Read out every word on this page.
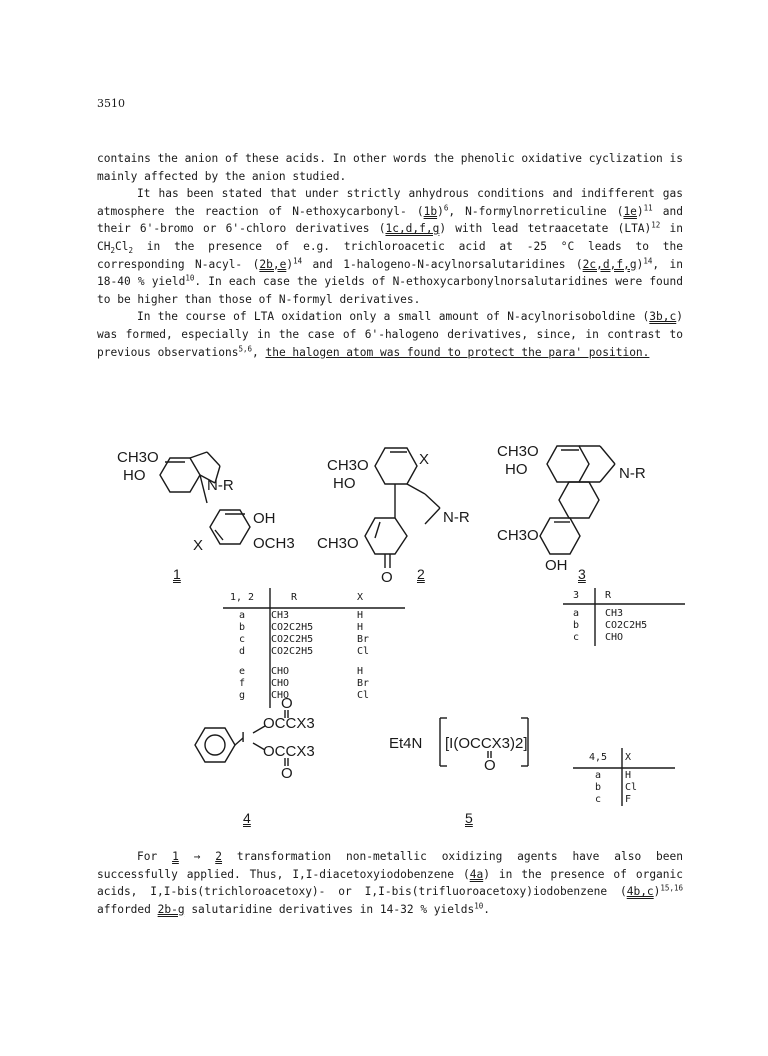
3510

contains the anion of these acids. In other words the phenolic oxidative cyclization is mainly affected by the anion studied.

It has been stated that under strictly anhydrous conditions and indifferent gas atmosphere the reaction of N-ethoxycarbonyl- $(1b)^6$, N-formylnorreticuline $(1e)^{11}$ and their 6'-bromo or 6'-chloro derivatives (1c,d,f,g) with lead tetraacetate (LTA)$^{12}$ in $CH_2Cl_2$ in the presence of e.g. trichloroacetic acid at -25 °C leads to the corresponding N-acyl- $(2b,e)^{14}$ and 1-halogeno-N-acylnorsalutaridines $(2c,d,f,g)^{14}$, in 18-40 % yield$^{10}$. In each case the yields of N-ethoxycarbonylnorsalutaridines were found to be higher than those of N-formyl derivatives.

In the course of LTA oxidation only a small amount of N-acylnorisoboldine (3b,c) was formed, especially in the case of 6'-halogeno derivatives, since, in contrast to previous observations$^{5,6}$, the halogen atom was found to protect the para' position.

CH3O
HO
N-R
OH
X	OCH3
CH3O
HO
X
N-R
CH3O
O
CH3O
HO	N-R
CH3O
OH
I
OCCX3
OCCX3
O
O
Et4N [I(OCCX3)2]
O
1	2	3
4	5
1, 2	R	X
a	CH3	H
b	CO2C2H5	H
c	CO2C2H5	Br
d	CO2C2H5	Cl
e	CHO	H
f	CHO	Br
g	CHO	Cl
3	R
a	CH3
b	CO2C2H5
c	CHO
4,5	X
a	H
b	Cl
c	F

For 1 → 2 transformation non-metallic oxidizing agents have also been successfully applied. Thus, I,I-diacetoxyiodobenzene (4a) in the presence of organic acids, I,I-bis(trichloroacetoxy)- or I,I-bis(trifluoroacetoxy)iodobenzene $(4b,c)^{15,16}$ afforded 2b-g salutaridine derivatives in 14-32 % yields$^{10}$.
